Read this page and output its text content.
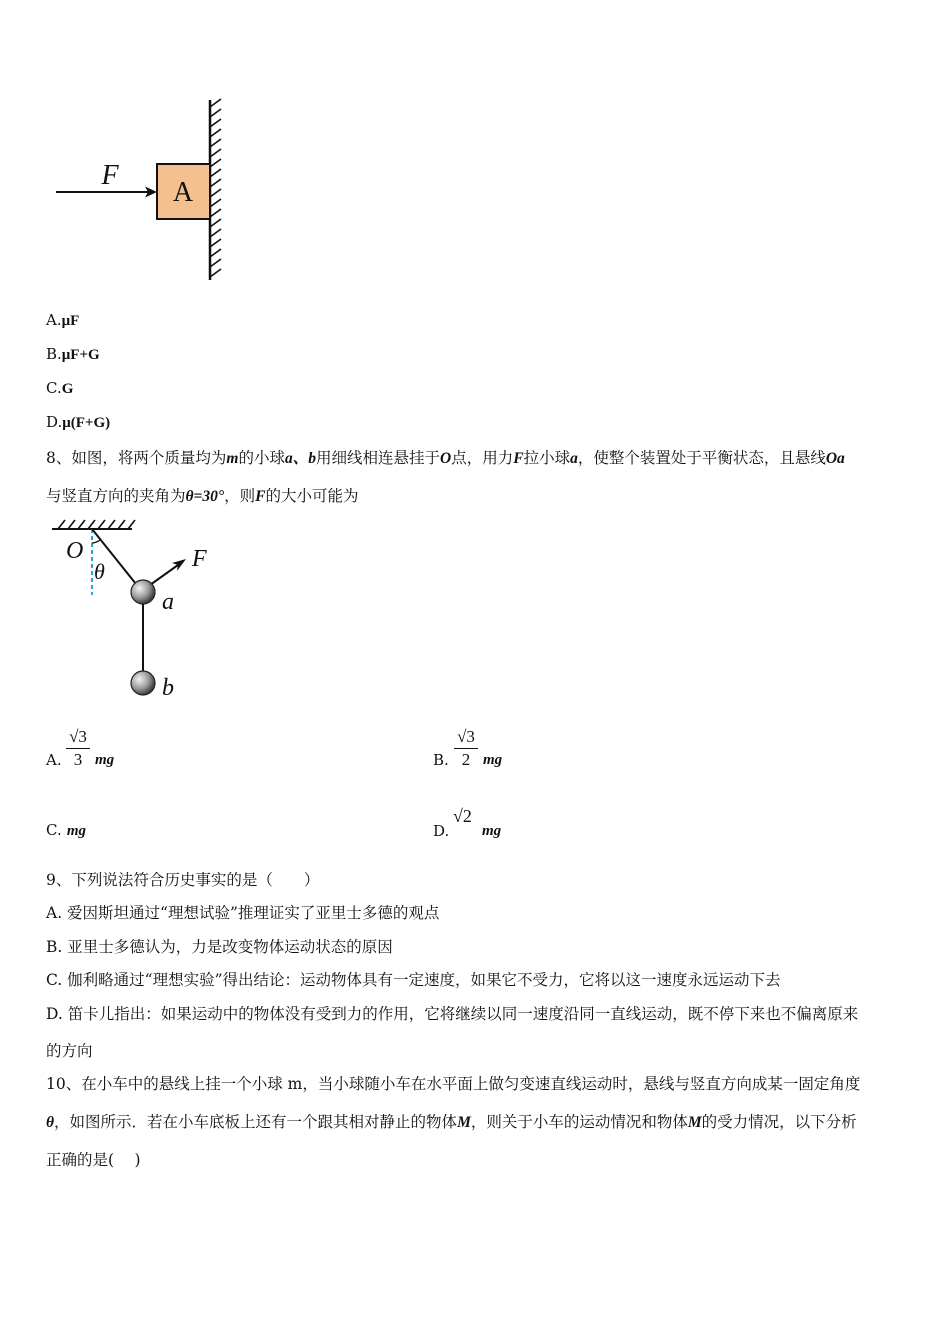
A
F
A.μF
B.μF+G
C.G
D.μ(F+G)
8、如图，将两个质量均为m的小球a、b用细线相连悬挂于O点，用力F拉小球a，使整个装置处于平衡状态，且悬线Oa
与竖直方向的夹角为θ=30°，则F的大小可能为
O
θ	F
a
b
A.
√3
3 mg	B.
√3
2 mg
C. mg	D.
√2
mg
9、下列说法符合历史事实的是（　　）
A. 爱因斯坦通过“理想试验”推理证实了亚里士多德的观点
B. 亚里士多德认为，力是改变物体运动状态的原因
C. 伽利略通过“理想实验”得出结论：运动物体具有一定速度，如果它不受力，它将以这一速度永远运动下去
D. 笛卡儿指出：如果运动中的物体没有受到力的作用，它将继续以同一速度沿同一直线运动，既不停下来也不偏离原来
的方向
10、在小车中的悬线上挂一个小球 m，当小球随小车在水平面上做匀变速直线运动时，悬线与竖直方向成某一固定角度
θ，如图所示．若在小车底板上还有一个跟其相对静止的物体M，则关于小车的运动情况和物体M的受力情况，以下分析
正确的是(　 )
